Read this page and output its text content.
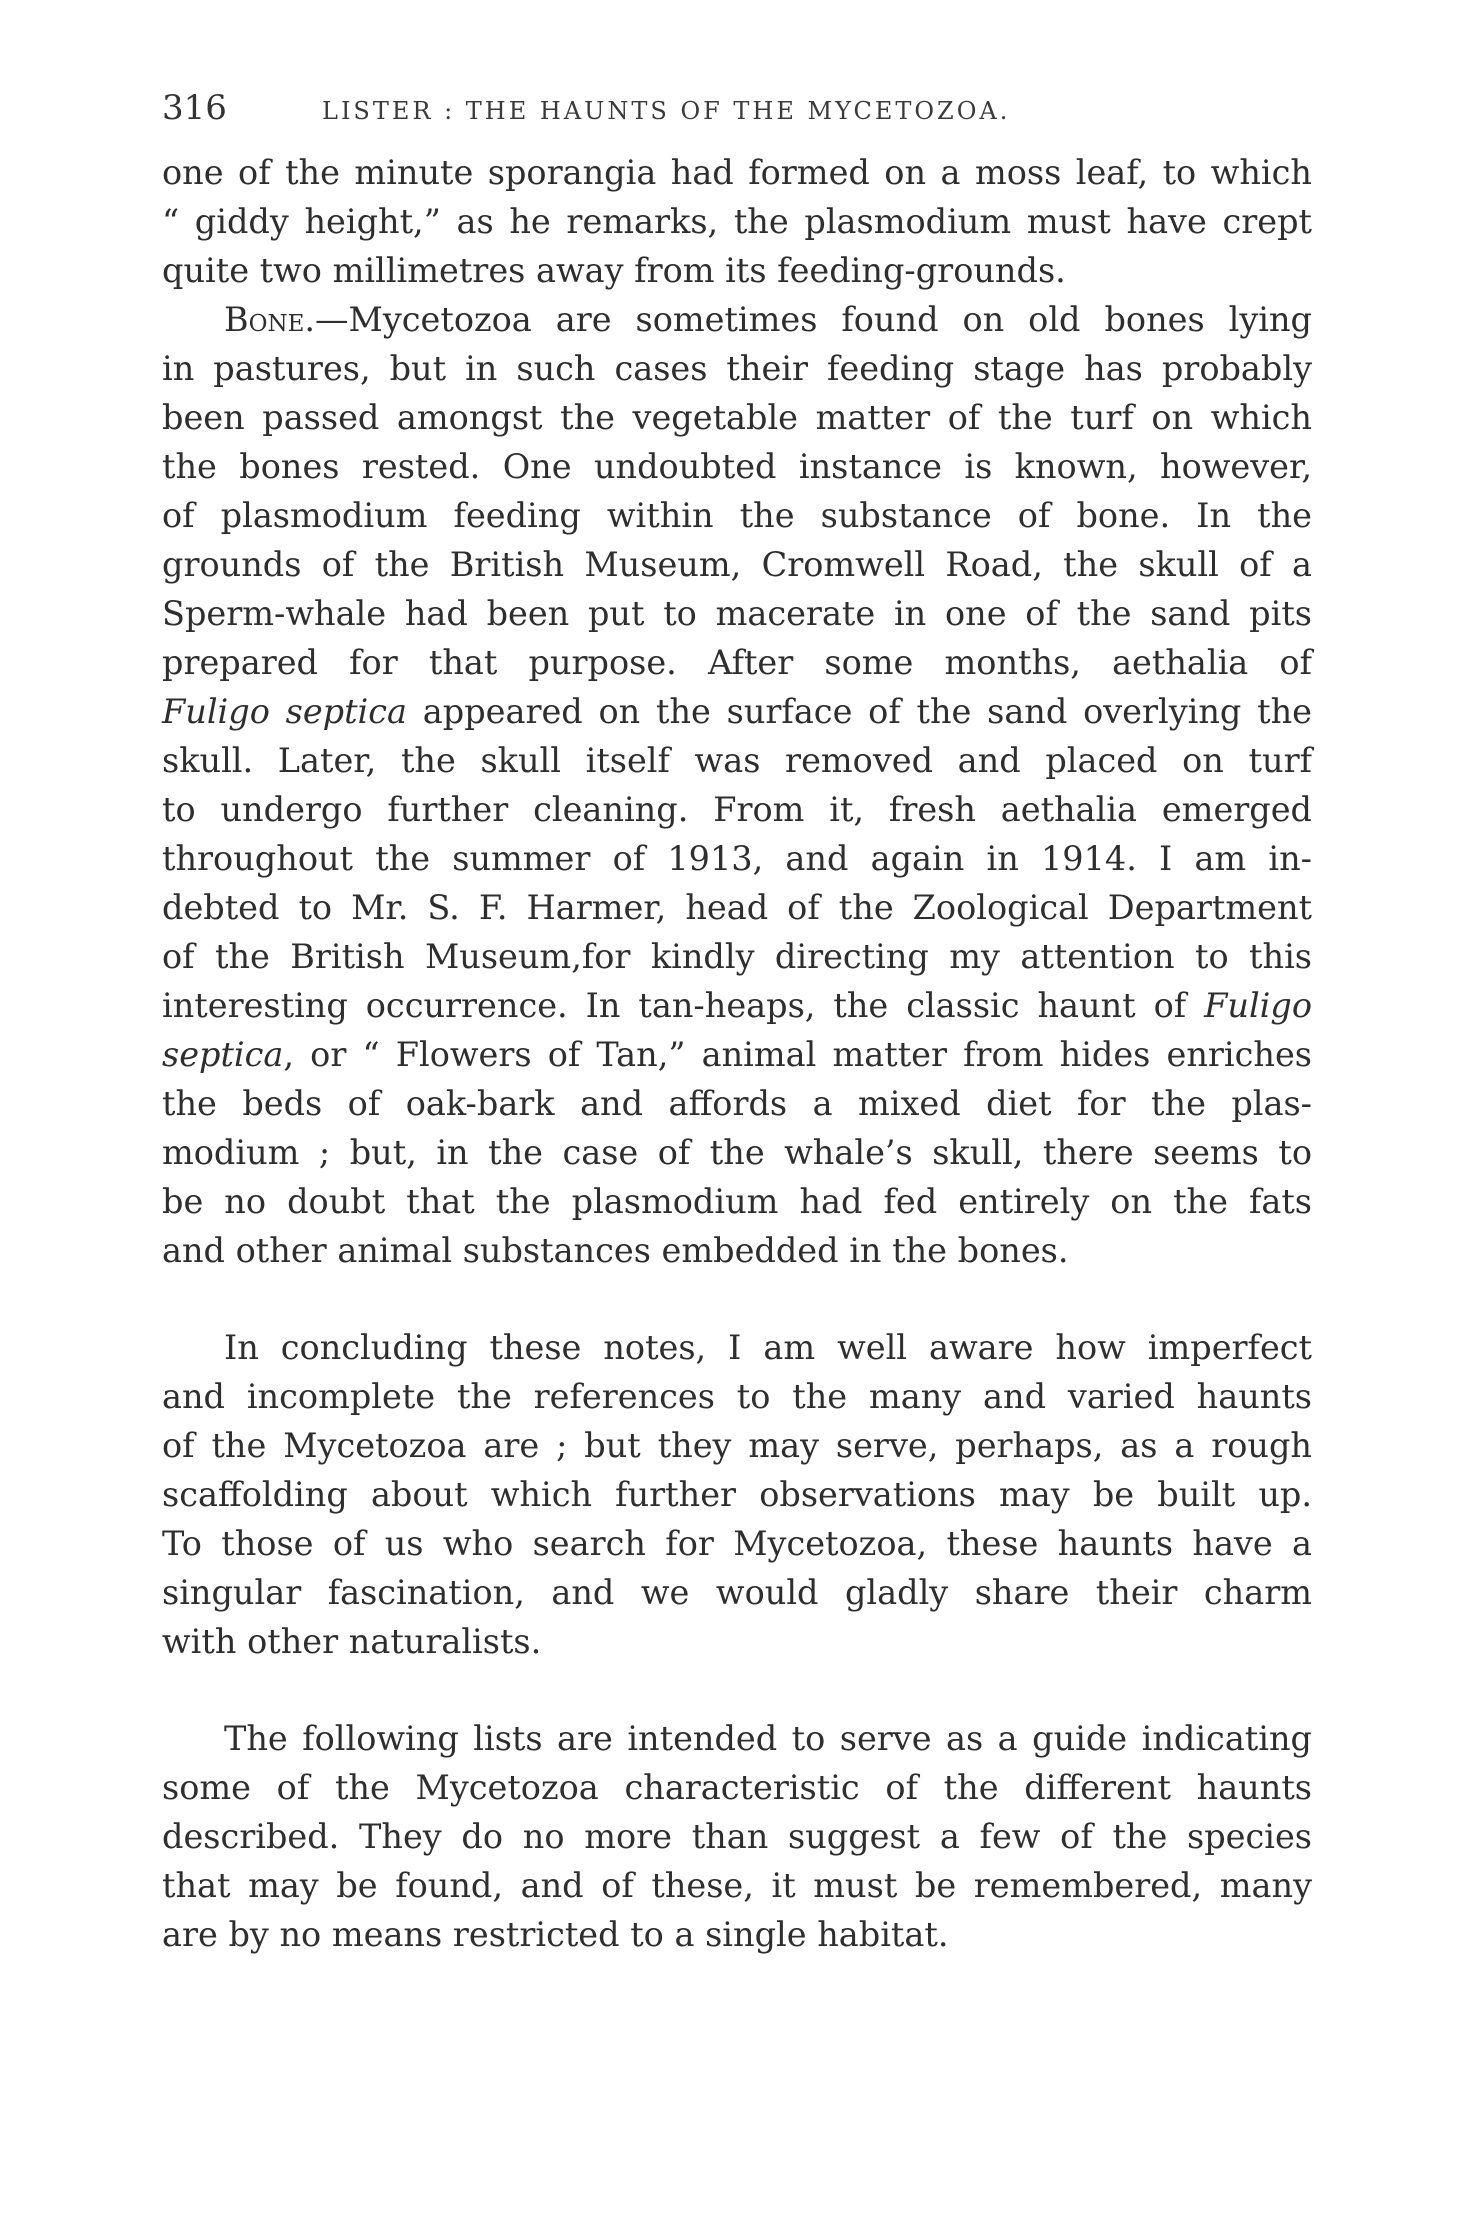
316	LISTER : THE HAUNTS OF THE MYCETOZOA.
one of the minute sporangia had formed on a moss leaf, to which
“ giddy height,” as he remarks, the plasmodium must have crept
quite two millimetres away from its feeding-grounds.
Bone.—Mycetozoa are sometimes found on old bones lying
in pastures, but in such cases their feeding stage has probably
been passed amongst the vegetable matter of the turf on which
the bones rested. One undoubted instance is known, however,
of plasmodium feeding within the substance of bone. In the
grounds of the British Museum, Cromwell Road, the skull of a
Sperm-whale had been put to macerate in one of the sand pits
prepared for that purpose. After some months, aethalia of
Fuligo septica appeared on the surface of the sand overlying the
skull. Later, the skull itself was removed and placed on turf
to undergo further cleaning. From it, fresh aethalia emerged
throughout the summer of 1913, and again in 1914. I am in-
debted to Mr. S. F. Harmer, head of the Zoological Department
of the British Museum,for kindly directing my attention to this
interesting occurrence. In tan-heaps, the classic haunt of Fuligo
septica, or “ Flowers of Tan,” animal matter from hides enriches
the beds of oak-bark and affords a mixed diet for the plas-
modium ; but, in the case of the whale’s skull, there seems to
be no doubt that the plasmodium had fed entirely on the fats
and other animal substances embedded in the bones.
In concluding these notes, I am well aware how imperfect
and incomplete the references to the many and varied haunts
of the Mycetozoa are ; but they may serve, perhaps, as a rough
scaffolding about which further observations may be built up.
To those of us who search for Mycetozoa, these haunts have a
singular fascination, and we would gladly share their charm
with other naturalists.
The following lists are intended to serve as a guide indicating
some of the Mycetozoa characteristic of the different haunts
described. They do no more than suggest a few of the species
that may be found, and of these, it must be remembered, many
are by no means restricted to a single habitat.
